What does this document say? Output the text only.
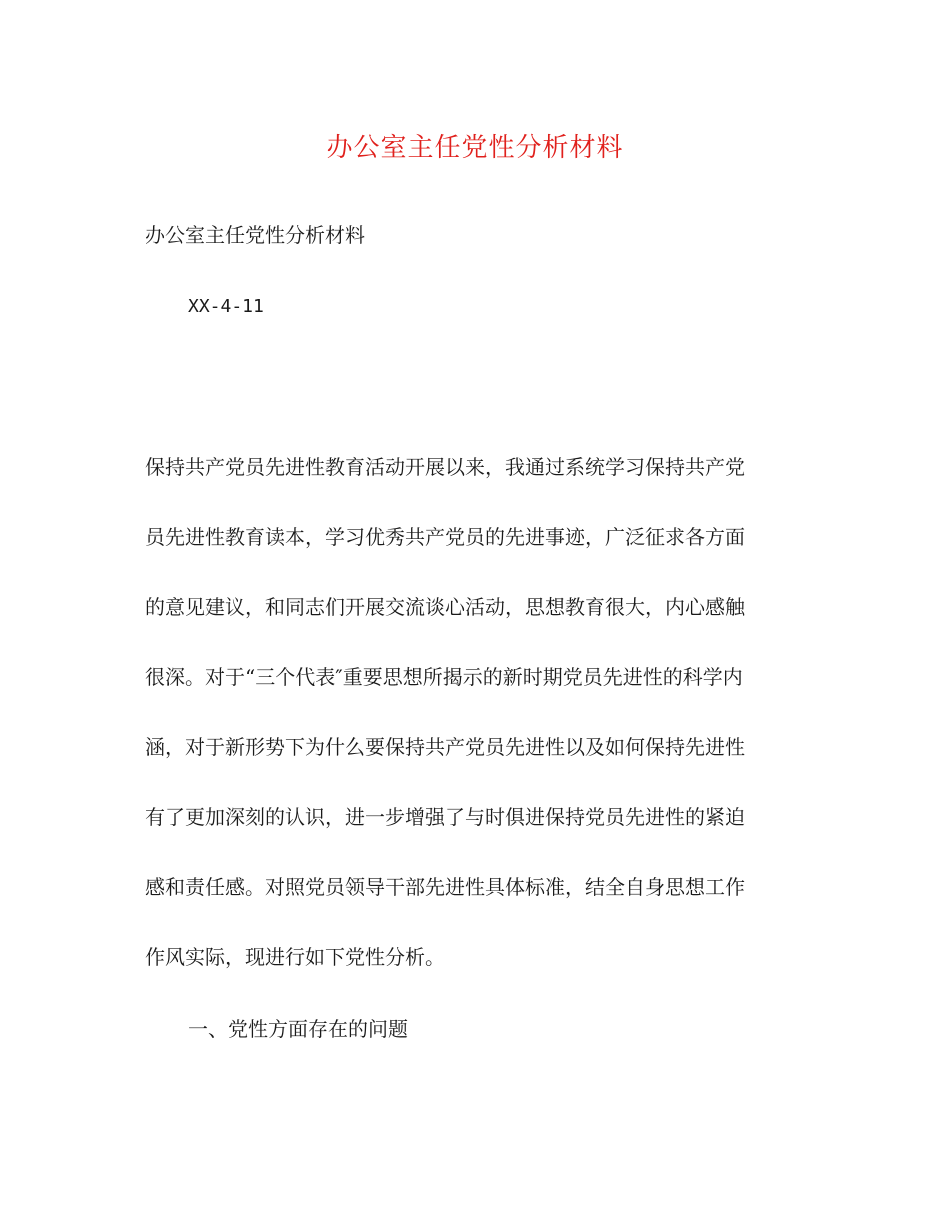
办公室主任党性分析材料
办公室主任党性分析材料
XX-4-11
保持共产党员先进性教育活动开展以来，我通过系统学习保持共产党
员先进性教育读本，学习优秀共产党员的先进事迹，广泛征求各方面
的意见建议，和同志们开展交流谈心活动，思想教育很大，内心感触
很深。对于“三个代表″重要思想所揭示的新时期党员先进性的科学内
涵，对于新形势下为什么要保持共产党员先进性以及如何保持先进性
有了更加深刻的认识，进一步增强了与时俱进保持党员先进性的紧迫
感和责任感。对照党员领导干部先进性具体标准，结全自身思想工作
作风实际，现进行如下党性分析。
一、党性方面存在的问题
